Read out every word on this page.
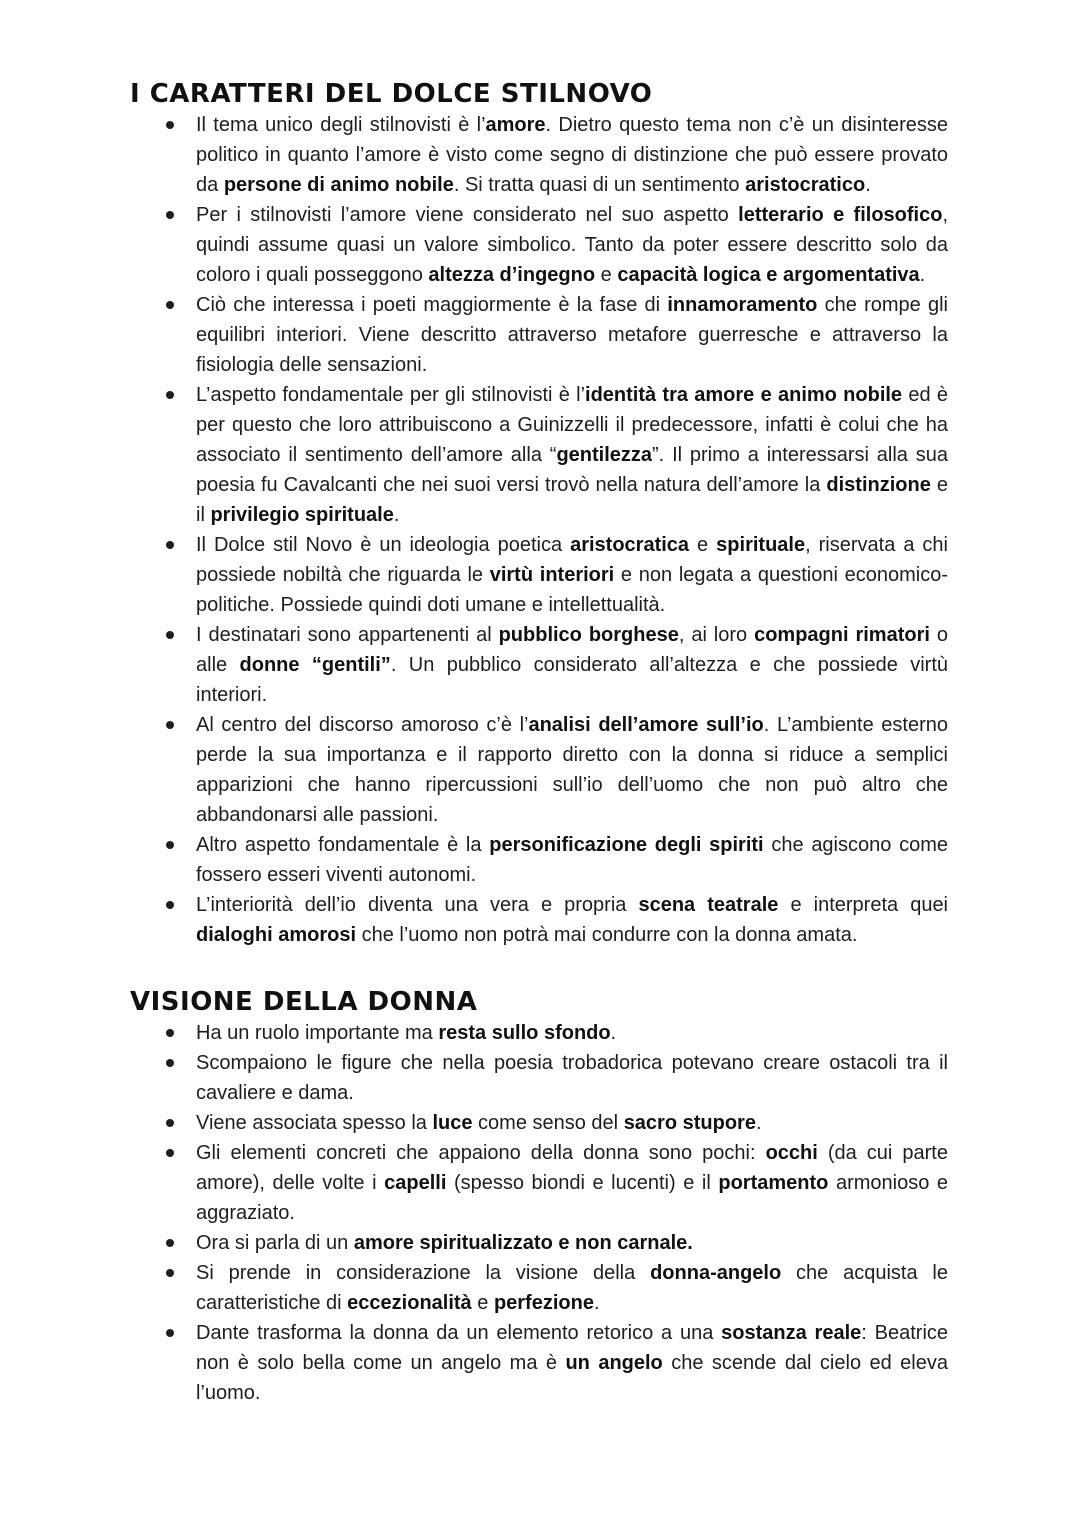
I CARATTERI DEL DOLCE STILNOVO
Il tema unico degli stilnovisti è l’amore. Dietro questo tema non c’è un disinteresse politico in quanto l’amore è visto come segno di distinzione che può essere provato da persone di animo nobile. Si tratta quasi di un sentimento aristocratico.
Per i stilnovisti l’amore viene considerato nel suo aspetto letterario e filosofico, quindi assume quasi un valore simbolico. Tanto da poter essere descritto solo da coloro i quali posseggono altezza d’ingegno e capacità logica e argomentativa.
Ciò che interessa i poeti maggiormente è la fase di innamoramento che rompe gli equilibri interiori. Viene descritto attraverso metafore guerresche e attraverso la fisiologia delle sensazioni.
L’aspetto fondamentale per gli stilnovisti è l’identità tra amore e animo nobile ed è per questo che loro attribuiscono a Guinizzelli il predecessore, infatti è colui che ha associato il sentimento dell’amore alla “gentilezza”. Il primo a interessarsi alla sua poesia fu Cavalcanti che nei suoi versi trovò nella natura dell’amore la distinzione e il privilegio spirituale.
Il Dolce stil Novo è un ideologia poetica aristocratica e spirituale, riservata a chi possiede nobiltà che riguarda le virtù interiori e non legata a questioni economico-politiche. Possiede quindi doti umane e intellettualità.
I destinatari sono appartenenti al pubblico borghese, ai loro compagni rimatori o alle donne “gentili”. Un pubblico considerato all’altezza e che possiede virtù interiori.
Al centro del discorso amoroso c’è l’analisi dell’amore sull’io. L’ambiente esterno perde la sua importanza e il rapporto diretto con la donna si riduce a semplici apparizioni che hanno ripercussioni sull’io dell’uomo che non può altro che abbandonarsi alle passioni.
Altro aspetto fondamentale è la personificazione degli spiriti che agiscono come fossero esseri viventi autonomi.
L’interiorità dell’io diventa una vera e propria scena teatrale e interpreta quei dialoghi amorosi che l’uomo non potrà mai condurre con la donna amata.
VISIONE DELLA DONNA
Ha un ruolo importante ma resta sullo sfondo.
Scompaiono le figure che nella poesia trobadorica potevano creare ostacoli tra il cavaliere e dama.
Viene associata spesso la luce come senso del sacro stupore.
Gli elementi concreti che appaiono della donna sono pochi: occhi (da cui parte amore), delle volte i capelli (spesso biondi e lucenti) e il portamento armonioso e aggraziato.
Ora si parla di un amore spiritualizzato e non carnale.
Si prende in considerazione la visione della donna-angelo che acquista le caratteristiche di eccezionalità e perfezione.
Dante trasforma la donna da un elemento retorico a una sostanza reale: Beatrice non è solo bella come un angelo ma è un angelo che scende dal cielo ed eleva l’uomo.
